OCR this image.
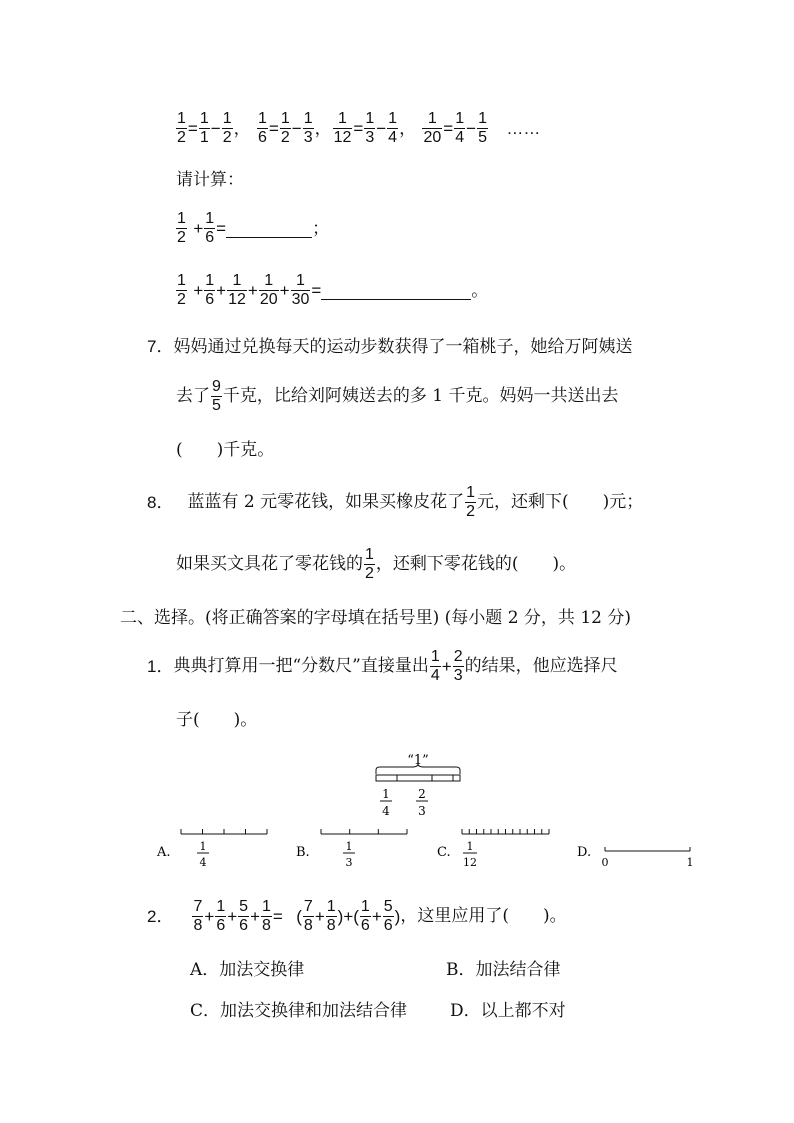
$\frac{1}{2} = \frac{1}{1} - \frac{1}{2}$ ， $\frac{1}{6} = \frac{1}{2} - \frac{1}{3}$ ， $\frac{1}{12} = \frac{1}{3} - \frac{1}{4}$ ， $\frac{1}{20} = \frac{1}{4} - \frac{1}{5}$ ……
请计算：
$\frac{1}{2} + \frac{1}{6}$ =	；
$\frac{1}{2} + \frac{1}{6} + \frac{1}{12} + \frac{1}{20} + \frac{1}{30}$ =	。
7．妈妈通过兑换每天的运动步数获得了一箱桃子，她给万阿姨送
去了 $\frac{9}{5}$ 千克，比给刘阿姨送去的多 1 千克。妈妈一共送出去
(　　)千克。
8． 蓝蓝有 2 元零花钱，如果买橡皮花了 $\frac{1}{2}$ 元，还剩下(　　)元；
如果买文具花了零花钱的 $\frac{1}{2}$ ，还剩下零花钱的(　　)。
二、选择。(将正确答案的字母填在括号里) (每小题 2 分，共 12 分)
1．典典打算用一把“分数尺”直接量出 $\frac{1}{4} + \frac{2}{3}$ 的结果，他应选择尺
子(　　)。
“1”
1
4
2
3
A.	1
4
B.	1
3
C. 1
12
D.
0	1
2． $\frac{7}{8} + \frac{1}{6} + \frac{5}{6} + \frac{1}{8}$ = ( $\frac{7}{8} + \frac{1}{8}$ )+( $\frac{1}{6} + \frac{5}{6}$ )，这里应用了(　　)。
A．加法交换律	B．加法结合律
C．加法交换律和加法结合律	D．以上都不对
